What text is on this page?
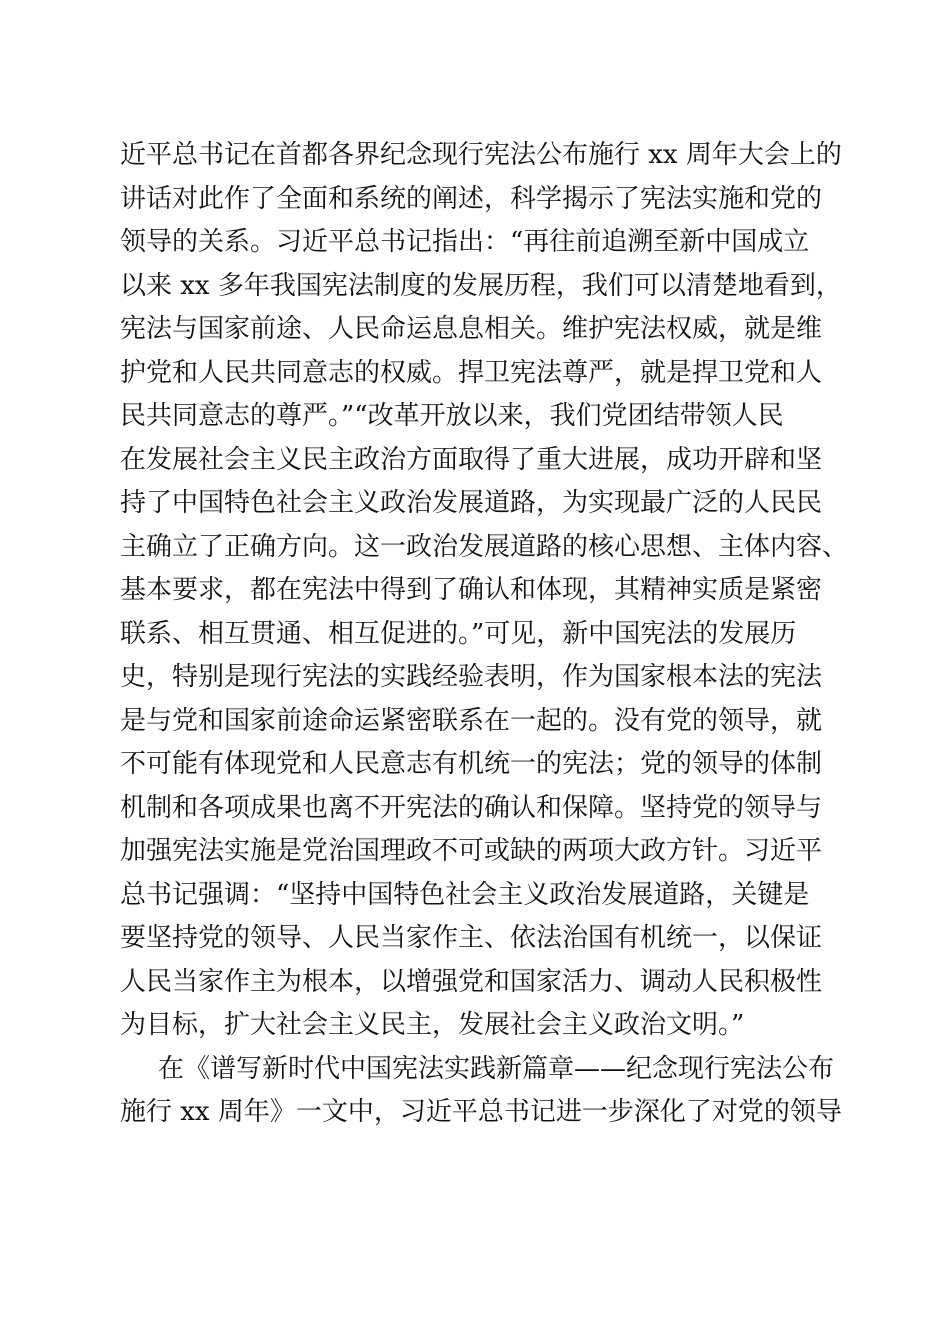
近平总书记在首都各界纪念现行宪法公布施行 xx 周年大会上的
讲话对此作了全面和系统的阐述，科学揭示了宪法实施和党的
领导的关系。习近平总书记指出：“再往前追溯至新中国成立
以来 xx 多年我国宪法制度的发展历程，我们可以清楚地看到，
宪法与国家前途、人民命运息息相关。维护宪法权威，就是维
护党和人民共同意志的权威。捍卫宪法尊严，就是捍卫党和人
民共同意志的尊严。”“改革开放以来，我们党团结带领人民
在发展社会主义民主政治方面取得了重大进展，成功开辟和坚
持了中国特色社会主义政治发展道路，为实现最广泛的人民民
主确立了正确方向。这一政治发展道路的核心思想、主体内容、
基本要求，都在宪法中得到了确认和体现，其精神实质是紧密
联系、相互贯通、相互促进的。”可见，新中国宪法的发展历
史，特别是现行宪法的实践经验表明，作为国家根本法的宪法
是与党和国家前途命运紧密联系在一起的。没有党的领导，就
不可能有体现党和人民意志有机统一的宪法；党的领导的体制
机制和各项成果也离不开宪法的确认和保障。坚持党的领导与
加强宪法实施是党治国理政不可或缺的两项大政方针。习近平
总书记强调：“坚持中国特色社会主义政治发展道路，关键是
要坚持党的领导、人民当家作主、依法治国有机统一，以保证
人民当家作主为根本，以增强党和国家活力、调动人民积极性
为目标，扩大社会主义民主，发展社会主义政治文明。”
在《谱写新时代中国宪法实践新篇章——纪念现行宪法公布
施行 xx 周年》一文中，习近平总书记进一步深化了对党的领导
